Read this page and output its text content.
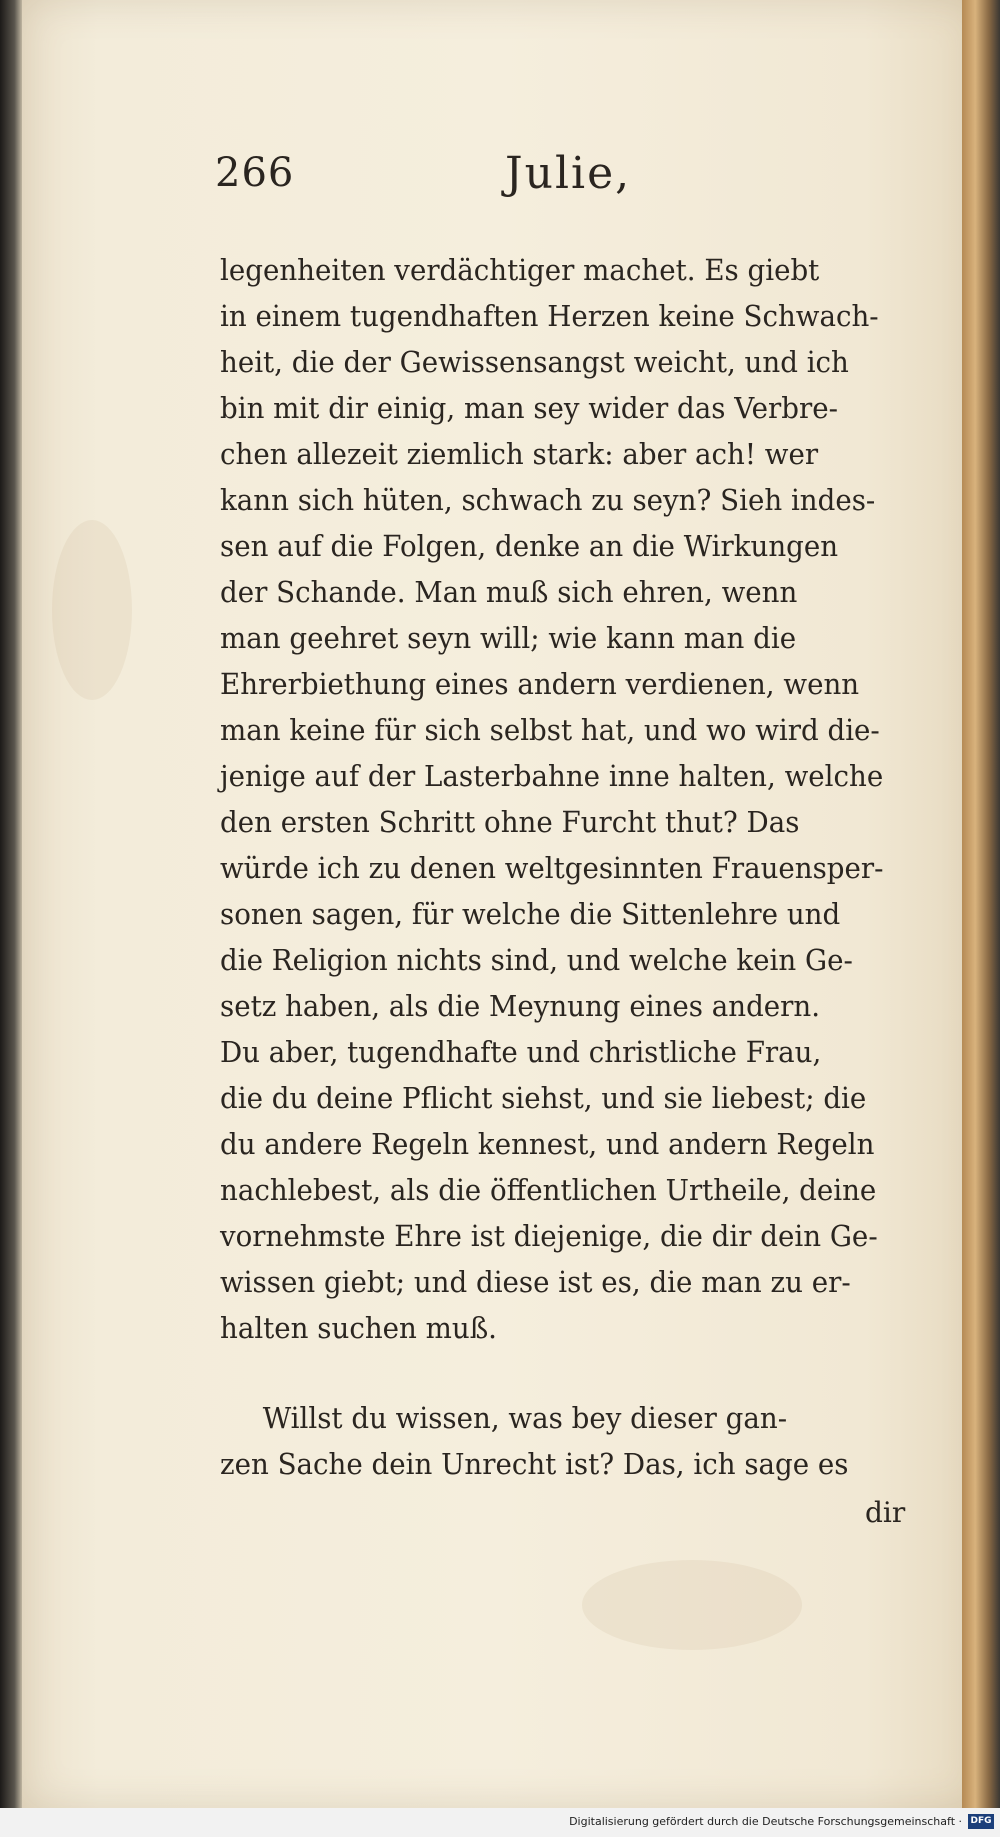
266	Julie,
legenheiten verdächtiger machet. Es giebt
in einem tugendhaften Herzen keine Schwach-
heit, die der Gewissensangst weicht, und ich
bin mit dir einig, man sey wider das Verbre-
chen allezeit ziemlich stark: aber ach! wer
kann sich hüten, schwach zu seyn? Sieh indes-
sen auf die Folgen, denke an die Wirkungen
der Schande. Man muß sich ehren, wenn
man geehret seyn will; wie kann man die
Ehrerbiethung eines andern verdienen, wenn
man keine für sich selbst hat, und wo wird die-
jenige auf der Lasterbahne inne halten, welche
den ersten Schritt ohne Furcht thut? Das
würde ich zu denen weltgesinnten Frauensper-
sonen sagen, für welche die Sittenlehre und
die Religion nichts sind, und welche kein Ge-
setz haben, als die Meynung eines andern.
Du aber, tugendhafte und christliche Frau,
die du deine Pflicht siehst, und sie liebest; die
du andere Regeln kennest, und andern Regeln
nachlebest, als die öffentlichen Urtheile, deine
vornehmste Ehre ist diejenige, die dir dein Ge-
wissen giebt; und diese ist es, die man zu er-
halten suchen muß.
Willst du wissen, was bey dieser gan-
zen Sache dein Unrecht ist? Das, ich sage es
dir
Digitalisierung gefördert durch die Deutsche Forschungsgemeinschaft · DFG
